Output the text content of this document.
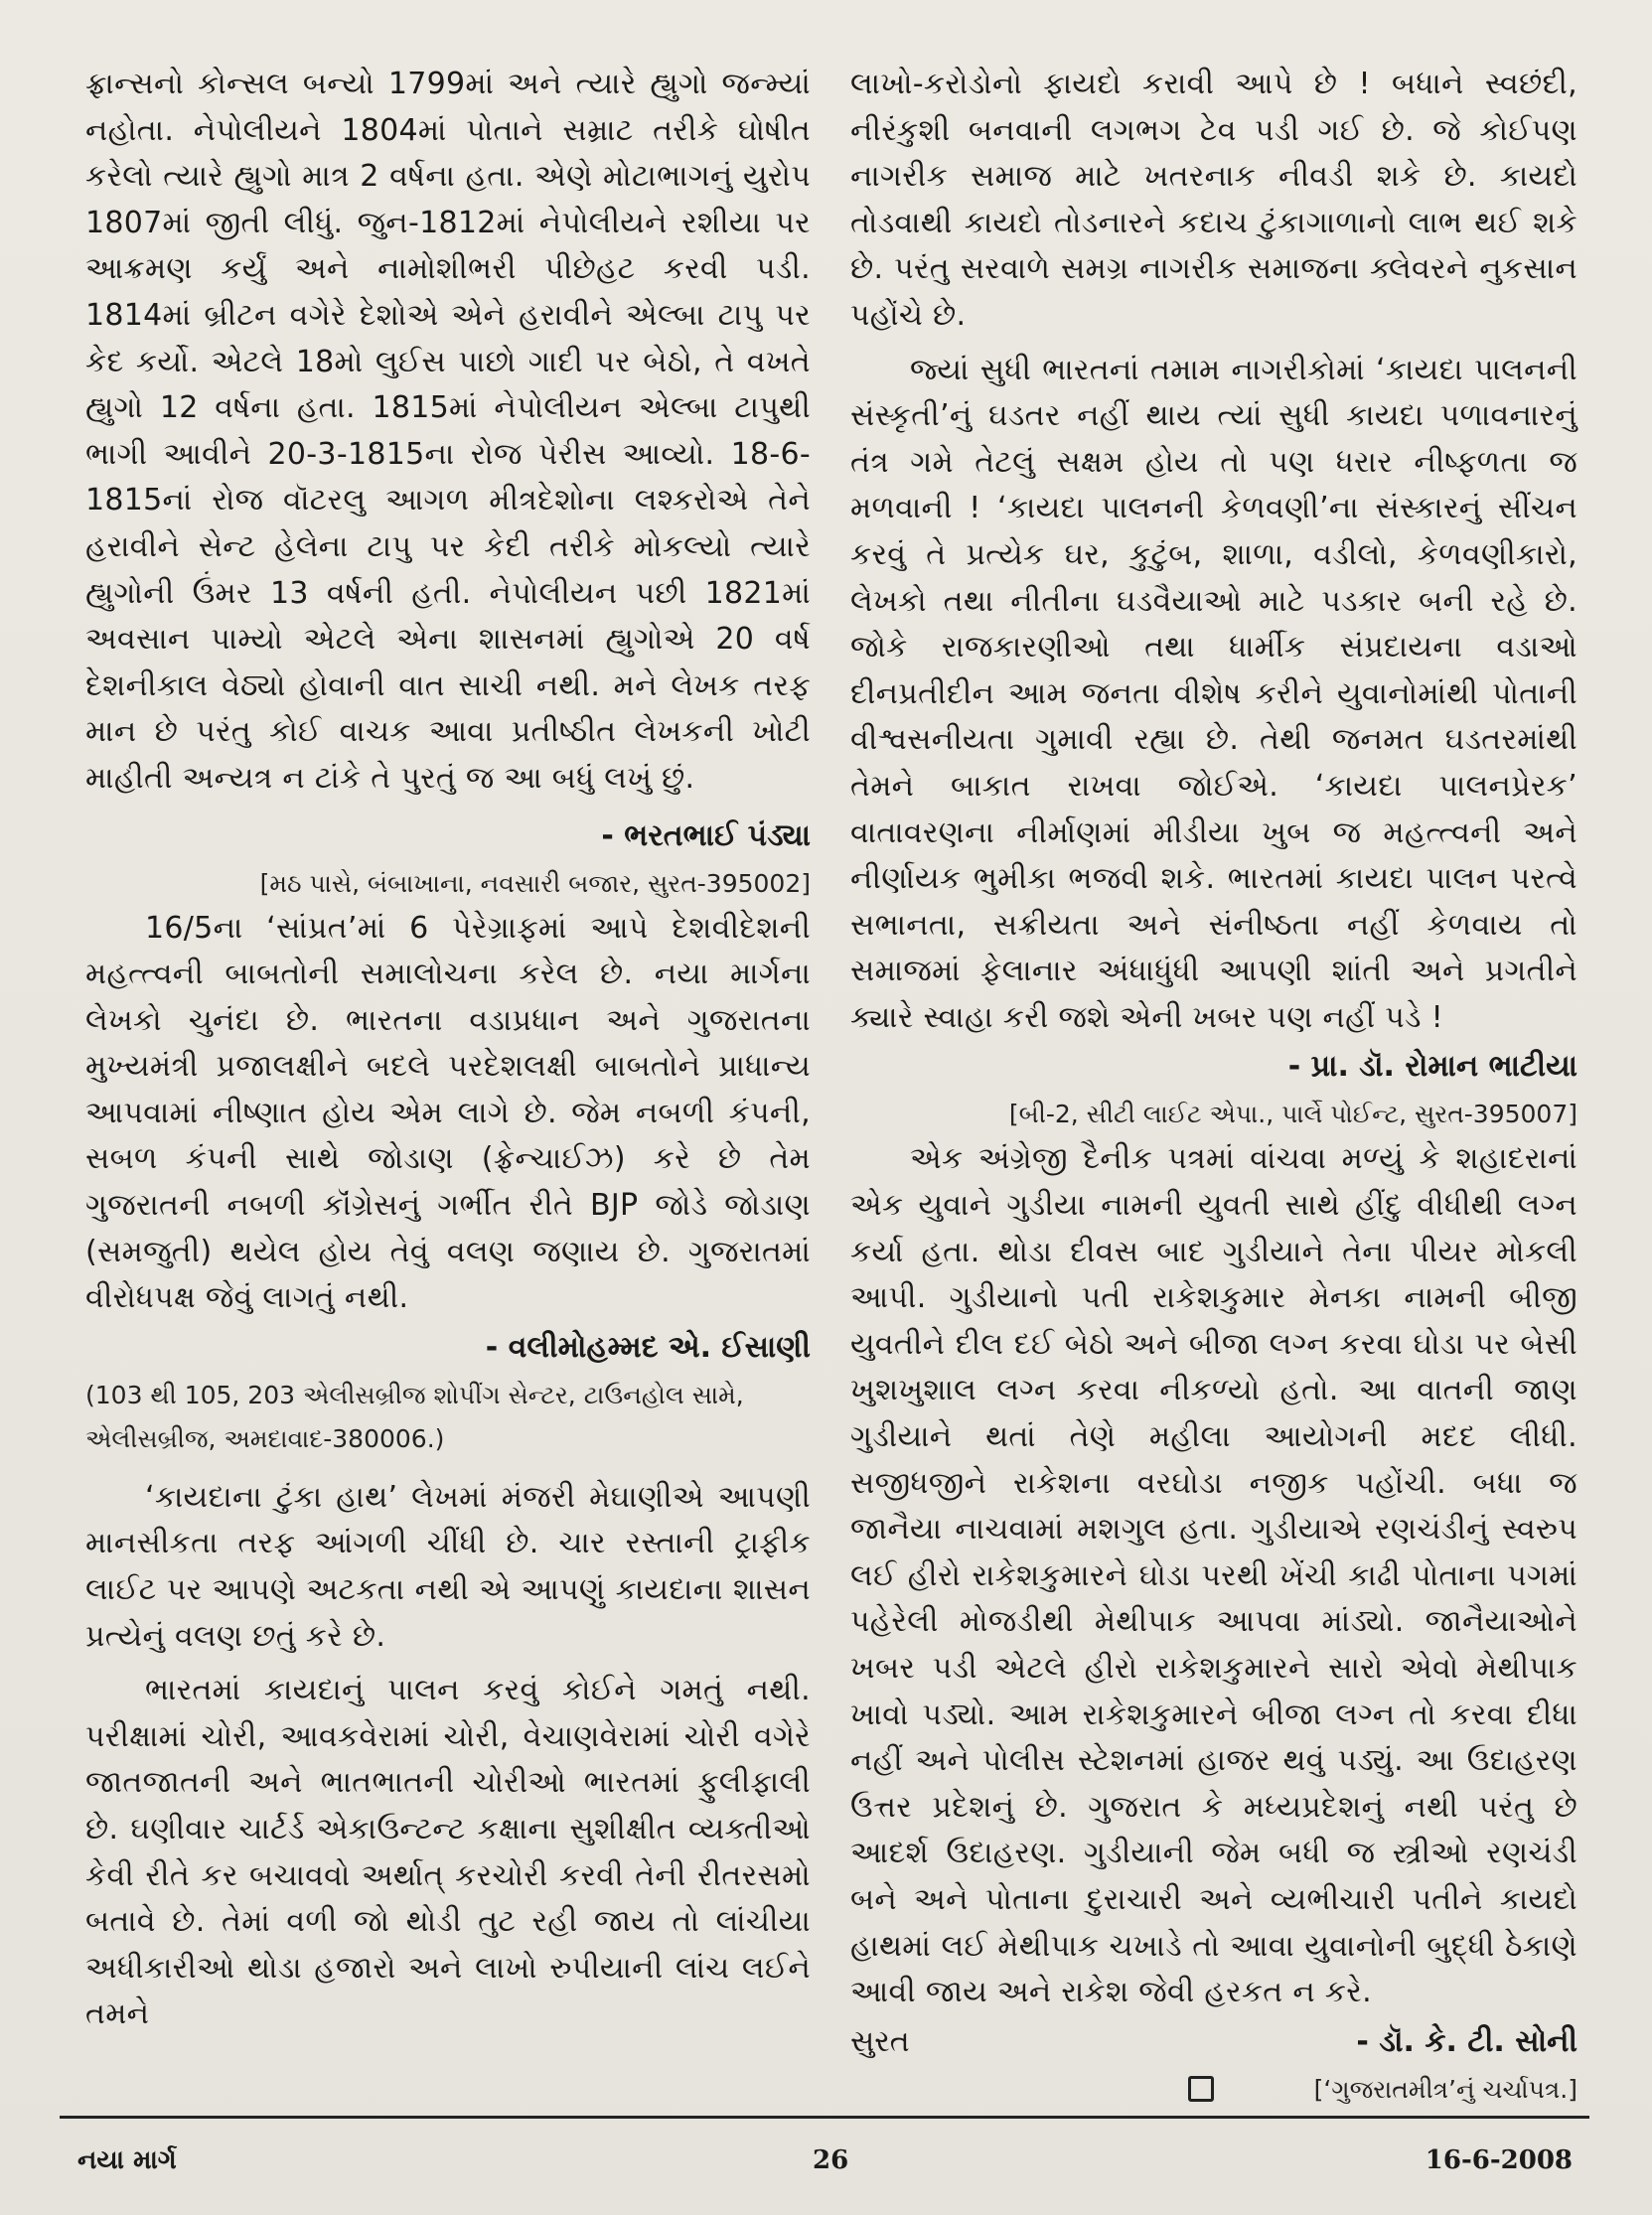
ફ્રાન્સનો કોન્સલ બન્યો 1799માં અને ત્યારે હ્યુગો જન્મ્યાં નહોતા. નેપોલીયને 1804માં પોતાને સમ્રાટ તરીકે ઘોષીત કરેલો ત્યારે હ્યુગો માત્ર 2 વર્ષના હતા. એણે મોટાભાગનું યુરોપ 1807માં જીતી લીધું. જુન-1812માં નેપોલીયને રશીયા પર આક્રમણ કર્યું અને નામોશીભરી પીછેહટ કરવી પડી. 1814માં બ્રીટન વગેરે દેશોએ એને હરાવીને એલ્બા ટાપુ પર કેદ કર્યો. એટલે 18મો લુઈસ પાછો ગાદી પર બેઠો, તે વખતે હ્યુગો 12 વર્ષના હતા. 1815માં નેપોલીયન એલ્બા ટાપુથી ભાગી આવીને 20-3-1815ના રોજ પેરીસ આવ્યો. 18-6-1815નાં રોજ વૉટરલુ આગળ મીત્રદેશોના લશ્કરોએ તેને હરાવીને સેન્ટ હેલેના ટાપુ પર કેદી તરીકે મોકલ્યો ત્યારે હ્યુગોની ઉંમર 13 વર્ષની હતી. નેપોલીયન પછી 1821માં અવસાન પામ્યો એટલે એના શાસનમાં હ્યુગોએ 20 વર્ષ દેશનીકાલ વેઠ્યો હોવાની વાત સાચી નથી. મને લેખક તરફ માન છે પરંતુ કોઈ વાચક આવા પ્રતીષ્ઠીત લેખકની ખોટી માહીતી અન્યત્ર ન ટાંકે તે પુરતું જ આ બધું લખું છું.

- ભરતભાઈ પંડ્યા
[મઠ પાસે, બંબાખાના, નવસારી બજાર, સુરત-395002]

16/5ના ‘સાંપ્રત’માં 6 પેરેગ્રાફમાં આપે દેશવીદેશની મહત્ત્વની બાબતોની સમાલોચના કરેલ છે. નયા માર્ગના લેખકો ચુનંદા છે. ભારતના વડાપ્રધાન અને ગુજરાતના મુખ્યમંત્રી પ્રજાલક્ષીને બદલે પરદેશલક્ષી બાબતોને પ્રાધાન્ય આપવામાં નીષ્ણાત હોય એમ લાગે છે. જેમ નબળી કંપની, સબળ કંપની સાથે જોડાણ (ફ્રેન્ચાઈઝ) કરે છે તેમ ગુજરાતની નબળી કૉંગ્રેસનું ગર્ભીત રીતે BJP જોડે જોડાણ (સમજુતી) થયેલ હોય તેવું વલણ જણાય છે. ગુજરાતમાં વીરોધપક્ષ જેવું લાગતું નથી.

- વલીમોહમ્મદ એ. ઈસાણી
(103 થી 105, 203 એલીસબ્રીજ શોપીંગ સેન્ટર, ટાઉનહોલ સામે, એલીસબ્રીજ, અમદાવાદ-380006.)

‘કાયદાના ટુંકા હાથ’ લેખમાં મંજરી મેઘાણીએ આપણી માનસીકતા તરફ આંગળી ચીંધી છે. ચાર રસ્તાની ટ્રાફીક લાઈટ પર આપણે અટકતા નથી એ આપણું કાયદાના શાસન પ્રત્યેનું વલણ છતું કરે છે.

ભારતમાં કાયદાનું પાલન કરવું કોઈને ગમતું નથી. પરીક્ષામાં ચોરી, આવકવેરામાં ચોરી, વેચાણવેરામાં ચોરી વગેરે જાતજાતની અને ભાતભાતની ચોરીઓ ભારતમાં ફુલીફાલી છે. ઘણીવાર ચાર્ટર્ડ એકાઉન્ટન્ટ કક્ષાના સુશીક્ષીત વ્યક્તીઓ કેવી રીતે કર બચાવવો અર્થાત્ કરચોરી કરવી તેની રીતરસમો બતાવે છે. તેમાં વળી જો થોડી તુટ રહી જાય તો લાંચીયા અધીકારીઓ થોડા હજારો અને લાખો રુપીયાની લાંચ લઈને તમને

લાખો-કરોડોનો ફાયદો કરાવી આપે છે ! બધાને સ્વછંદી, નીરંકુશી બનવાની લગભગ ટેવ પડી ગઈ છે. જે કોઈપણ નાગરીક સમાજ માટે ખતરનાક નીવડી શકે છે. કાયદો તોડવાથી કાયદો તોડનારને કદાચ ટુંકાગાળાનો લાભ થઈ શકે છે. પરંતુ સરવાળે સમગ્ર નાગરીક સમાજના ક્લેવરને નુકસાન પહોંચે છે.

જ્યાં સુધી ભારતનાં તમામ નાગરીકોમાં ‘કાયદા પાલનની સંસ્કૃતી’નું ઘડતર નહીં થાય ત્યાં સુધી કાયદા પળાવનારનું તંત્ર ગમે તેટલું સક્ષમ હોય તો પણ ધરાર નીષ્ફળતા જ મળવાની ! ‘કાયદા પાલનની કેળવણી’ના સંસ્કારનું સીંચન કરવું તે પ્રત્યેક ઘર, કુટુંબ, શાળા, વડીલો, કેળવણીકારો, લેખકો તથા નીતીના ઘડવૈયાઓ માટે પડકાર બની રહે છે. જોકે રાજકારણીઓ તથા ધાર્મીક સંપ્રદાયના વડાઓ દીનપ્રતીદીન આમ જનતા વીશેષ કરીને યુવાનોમાંથી પોતાની વીશ્વસનીયતા ગુમાવી રહ્યા છે. તેથી જનમત ઘડતરમાંથી તેમને બાકાત રાખવા જોઈએ. ‘કાયદા પાલનપ્રેરક’ વાતાવરણના નીર્માણમાં મીડીયા ખુબ જ મહત્ત્વની અને નીર્ણાયક ભુમીકા ભજવી શકે. ભારતમાં કાયદા પાલન પરત્વે સભાનતા, સક્રીયતા અને સંનીષ્ઠતા નહીં કેળવાય તો સમાજમાં ફેલાનાર અંધાધુંધી આપણી શાંતી અને પ્રગતીને ક્યારે સ્વાહા કરી જશે એની ખબર પણ નહીં પડે !

- પ્રા. ડૉ. રોમાન ભાટીયા
[બી-2, સીટી લાઈટ એપા., પાર્લે પોઈન્ટ, સુરત-395007]

એક અંગ્રેજી દૈનીક પત્રમાં વાંચવા મળ્યું કે શહાદરાનાં એક યુવાને ગુડીયા નામની યુવતી સાથે હીંદુ વીધીથી લગ્ન કર્યા હતા. થોડા દીવસ બાદ ગુડીયાને તેના પીયર મોકલી આપી. ગુડીયાનો પતી રાકેશકુમાર મેનકા નામની બીજી યુવતીને દીલ દઈ બેઠો અને બીજા લગ્ન કરવા ઘોડા પર બેસી ખુશખુશાલ લગ્ન કરવા નીકળ્યો હતો. આ વાતની જાણ ગુડીયાને થતાં તેણે મહીલા આયોગની મદદ લીધી. સજીધજીને રાકેશના વરઘોડા નજીક પહોંચી. બધા જ જાનૈયા નાચવામાં મશગુલ હતા. ગુડીયાએ રણચંડીનું સ્વરુપ લઈ હીરો રાકેશકુમારને ઘોડા પરથી ખેંચી કાઢી પોતાના પગમાં પહેરેલી મોજડીથી મેથીપાક આપવા માંડ્યો. જાનૈયાઓને ખબર પડી એટલે હીરો રાકેશકુમારને સારો એવો મેથીપાક ખાવો પડ્યો. આમ રાકેશકુમારને બીજા લગ્ન તો કરવા દીધા નહીં અને પોલીસ સ્ટેશનમાં હાજર થવું પડ્યું. આ ઉદાહરણ ઉત્તર પ્રદેશનું છે. ગુજરાત કે મધ્યપ્રદેશનું નથી પરંતુ છે આદર્શ ઉદાહરણ. ગુડીયાની જેમ બધી જ સ્ત્રીઓ રણચંડી બને અને પોતાના દુરાચારી અને વ્યભીચારી પતીને કાયદો હાથમાં લઈ મેથીપાક ચખાડે તો આવા યુવાનોની બુદ્ધી ઠેકાણે આવી જાય અને રાકેશ જેવી હરકત ન કરે.

સુરત	- ડૉ. કે. ટી. સોની
[‘ગુજરાતમીત્ર’નું ચર્ચાપત્ર.]
નયા માર્ગ	26	16-6-2008
